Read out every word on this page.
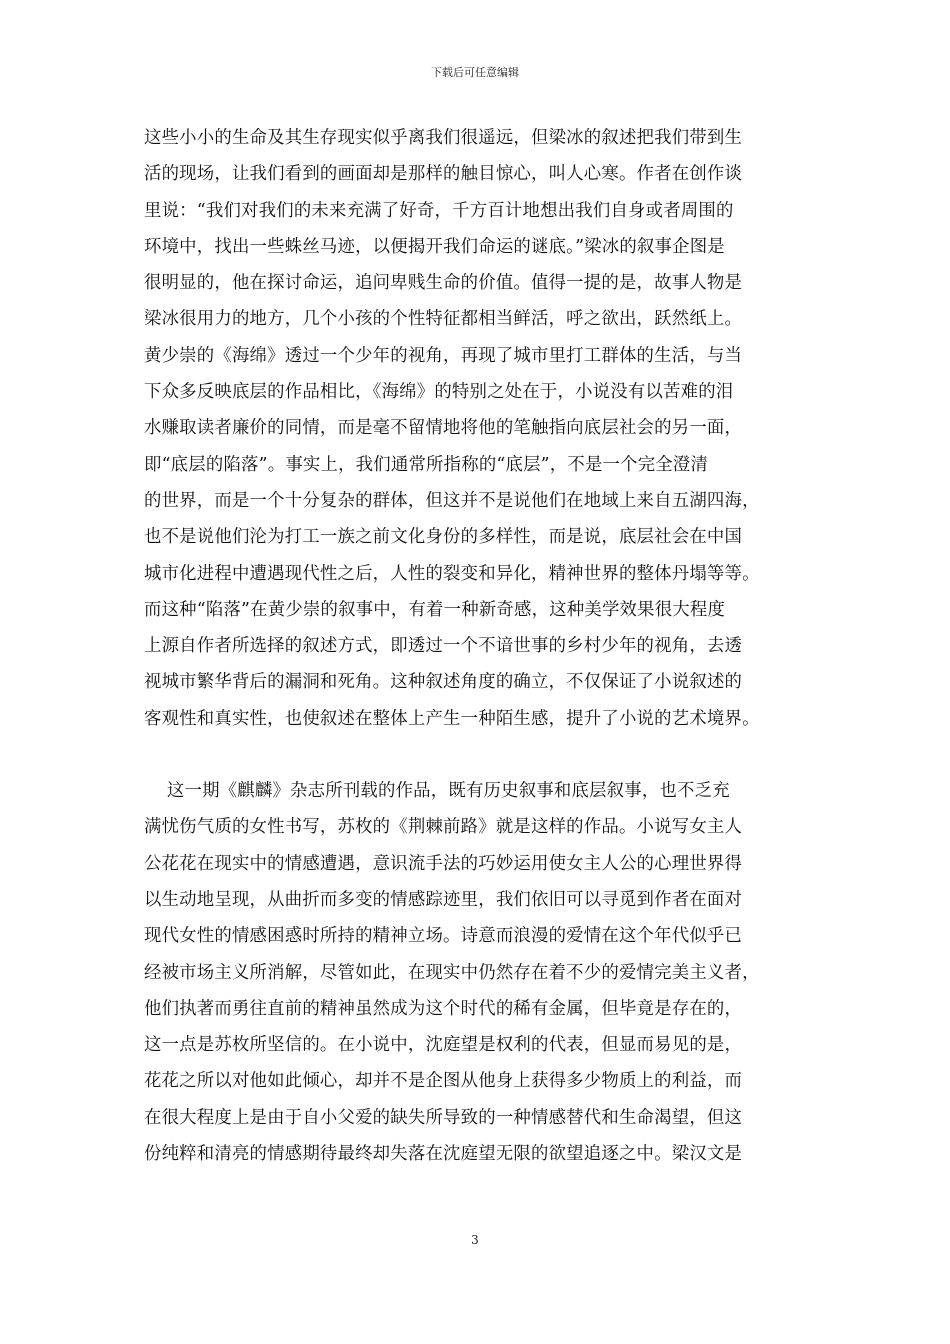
下载后可任意编辑
这些小小的生命及其生存现实似乎离我们很遥远，但梁冰的叙述把我们带到生
活的现场，让我们看到的画面却是那样的触目惊心，叫人心寒。作者在创作谈
里说：“我们对我们的未来充满了好奇，千方百计地想出我们自身或者周围的
环境中，找出一些蛛丝马迹，以便揭开我们命运的谜底。”梁冰的叙事企图是
很明显的，他在探讨命运，追问卑贱生命的价值。值得一提的是，故事人物是
梁冰很用力的地方，几个小孩的个性特征都相当鲜活，呼之欲出，跃然纸上。
黄少崇的《海绵》透过一个少年的视角，再现了城市里打工群体的生活，与当
下众多反映底层的作品相比，《海绵》的特别之处在于，小说没有以苦难的泪
水赚取读者廉价的同情，而是毫不留情地将他的笔触指向底层社会的另一面，
即“底层的陷落”。事实上，我们通常所指称的“底层”，不是一个完全澄清
的世界，而是一个十分复杂的群体，但这并不是说他们在地域上来自五湖四海，
也不是说他们沦为打工一族之前文化身份的多样性，而是说，底层社会在中国
城市化进程中遭遇现代性之后，人性的裂变和异化，精神世界的整体丹塌等等。
而这种“陷落”在黄少崇的叙事中，有着一种新奇感，这种美学效果很大程度
上源自作者所选择的叙述方式，即透过一个不谙世事的乡村少年的视角，去透
视城市繁华背后的漏洞和死角。这种叙述角度的确立，不仅保证了小说叙述的
客观性和真实性，也使叙述在整体上产生一种陌生感，提升了小说的艺术境界。
这一期《麒麟》杂志所刊载的作品，既有历史叙事和底层叙事，也不乏充
满忧伤气质的女性书写，苏枚的《荆棘前路》就是这样的作品。小说写女主人
公花花在现实中的情感遭遇，意识流手法的巧妙运用使女主人公的心理世界得
以生动地呈现，从曲折而多变的情感踪迹里，我们依旧可以寻觅到作者在面对
现代女性的情感困惑时所持的精神立场。诗意而浪漫的爱情在这个年代似乎已
经被市场主义所消解，尽管如此，在现实中仍然存在着不少的爱情完美主义者，
他们执著而勇往直前的精神虽然成为这个时代的稀有金属，但毕竟是存在的，
这一点是苏枚所坚信的。在小说中，沈庭望是权利的代表，但显而易见的是，
花花之所以对他如此倾心，却并不是企图从他身上获得多少物质上的利益，而
在很大程度上是由于自小父爱的缺失所导致的一种情感替代和生命渴望，但这
份纯粹和清亮的情感期待最终却失落在沈庭望无限的欲望追逐之中。梁汉文是
3
